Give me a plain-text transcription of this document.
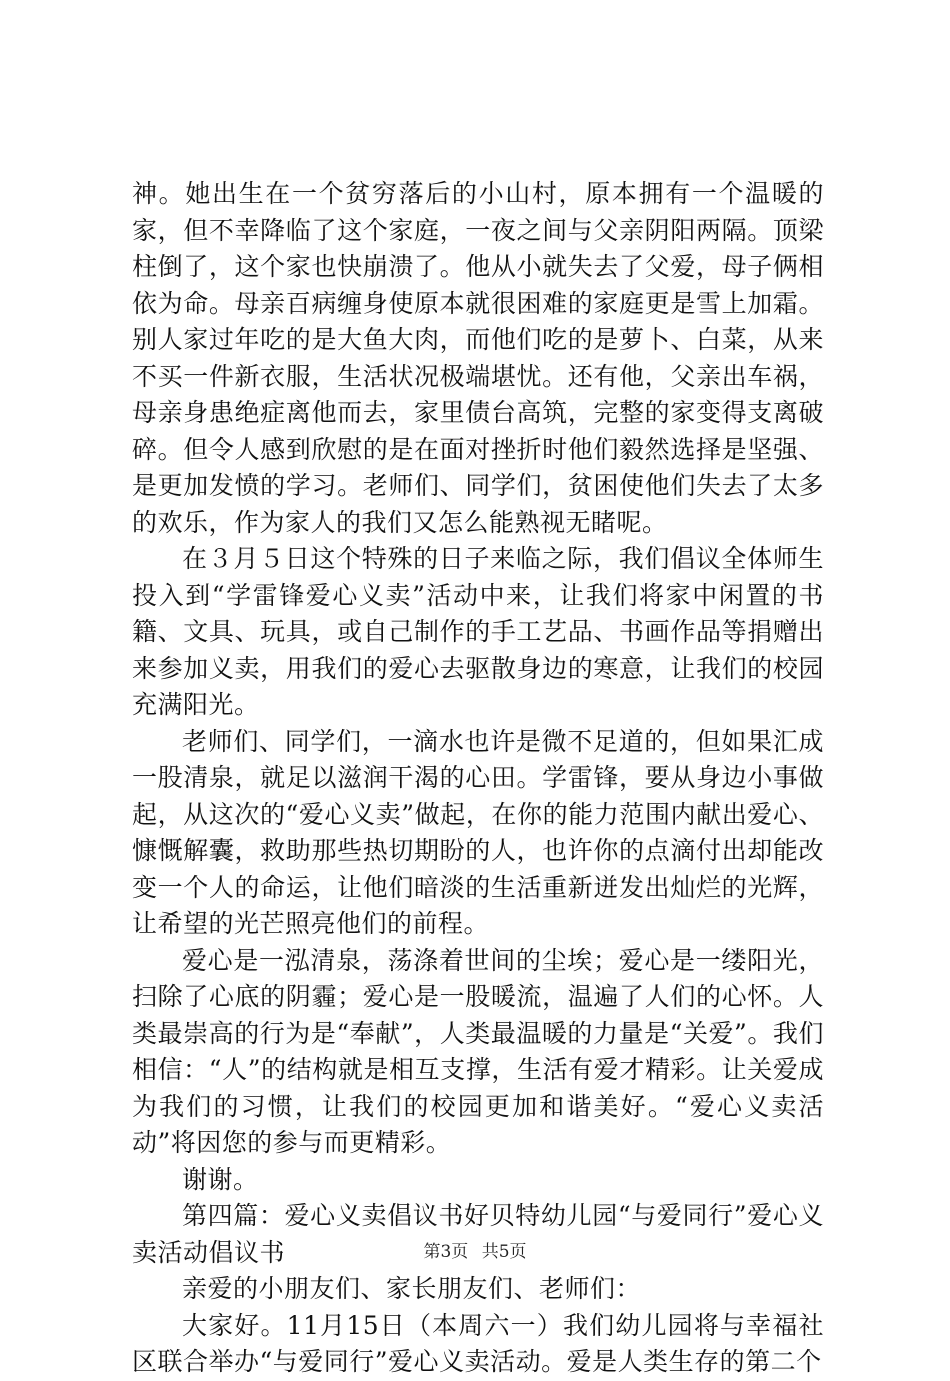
神。她出生在一个贫穷落后的小山村，原本拥有一个温暖的家，但不幸降临了这个家庭，一夜之间与父亲阴阳两隔。顶梁柱倒了，这个家也快崩溃了。他从小就失去了父爱，母子俩相依为命。母亲百病缠身使原本就很困难的家庭更是雪上加霜。别人家过年吃的是大鱼大肉，而他们吃的是萝卜、白菜，从来不买一件新衣服，生活状况极端堪忧。还有他，父亲出车祸，母亲身患绝症离他而去，家里债台高筑，完整的家变得支离破碎。但令人感到欣慰的是在面对挫折时他们毅然选择是坚强、是更加发愤的学习。老师们、同学们，贫困使他们失去了太多的欢乐，作为家人的我们又怎么能熟视无睹呢。

在３月５日这个特殊的日子来临之际，我们倡议全体师生投入到“学雷锋爱心义卖”活动中来，让我们将家中闲置的书籍、文具、玩具，或自己制作的手工艺品、书画作品等捐赠出来参加义卖，用我们的爱心去驱散身边的寒意，让我们的校园充满阳光。

老师们、同学们，一滴水也许是微不足道的，但如果汇成一股清泉，就足以滋润干渴的心田。学雷锋，要从身边小事做起，从这次的“爱心义卖”做起，在你的能力范围内献出爱心、慷慨解囊，救助那些热切期盼的人，也许你的点滴付出却能改变一个人的命运，让他们暗淡的生活重新迸发出灿烂的光辉，让希望的光芒照亮他们的前程。

爱心是一泓清泉，荡涤着世间的尘埃；爱心是一缕阳光，扫除了心底的阴霾；爱心是一股暖流，温遍了人们的心怀。人类最崇高的行为是“奉献”，人类最温暖的力量是“关爱”。我们相信：“人”的结构就是相互支撑，生活有爱才精彩。让关爱成为我们的习惯，让我们的校园更加和谐美好。“爱心义卖活动”将因您的参与而更精彩。

谢谢。

第四篇：爱心义卖倡议书好贝特幼儿园“与爱同行”爱心义卖活动倡议书

亲爱的小朋友们、家长朋友们、老师们：

大家好。11月15日（本周六一）我们幼儿园将与幸福社区联合举办“与爱同行”爱心义卖活动。爱是人类生存的第二个

第3页 共5页
